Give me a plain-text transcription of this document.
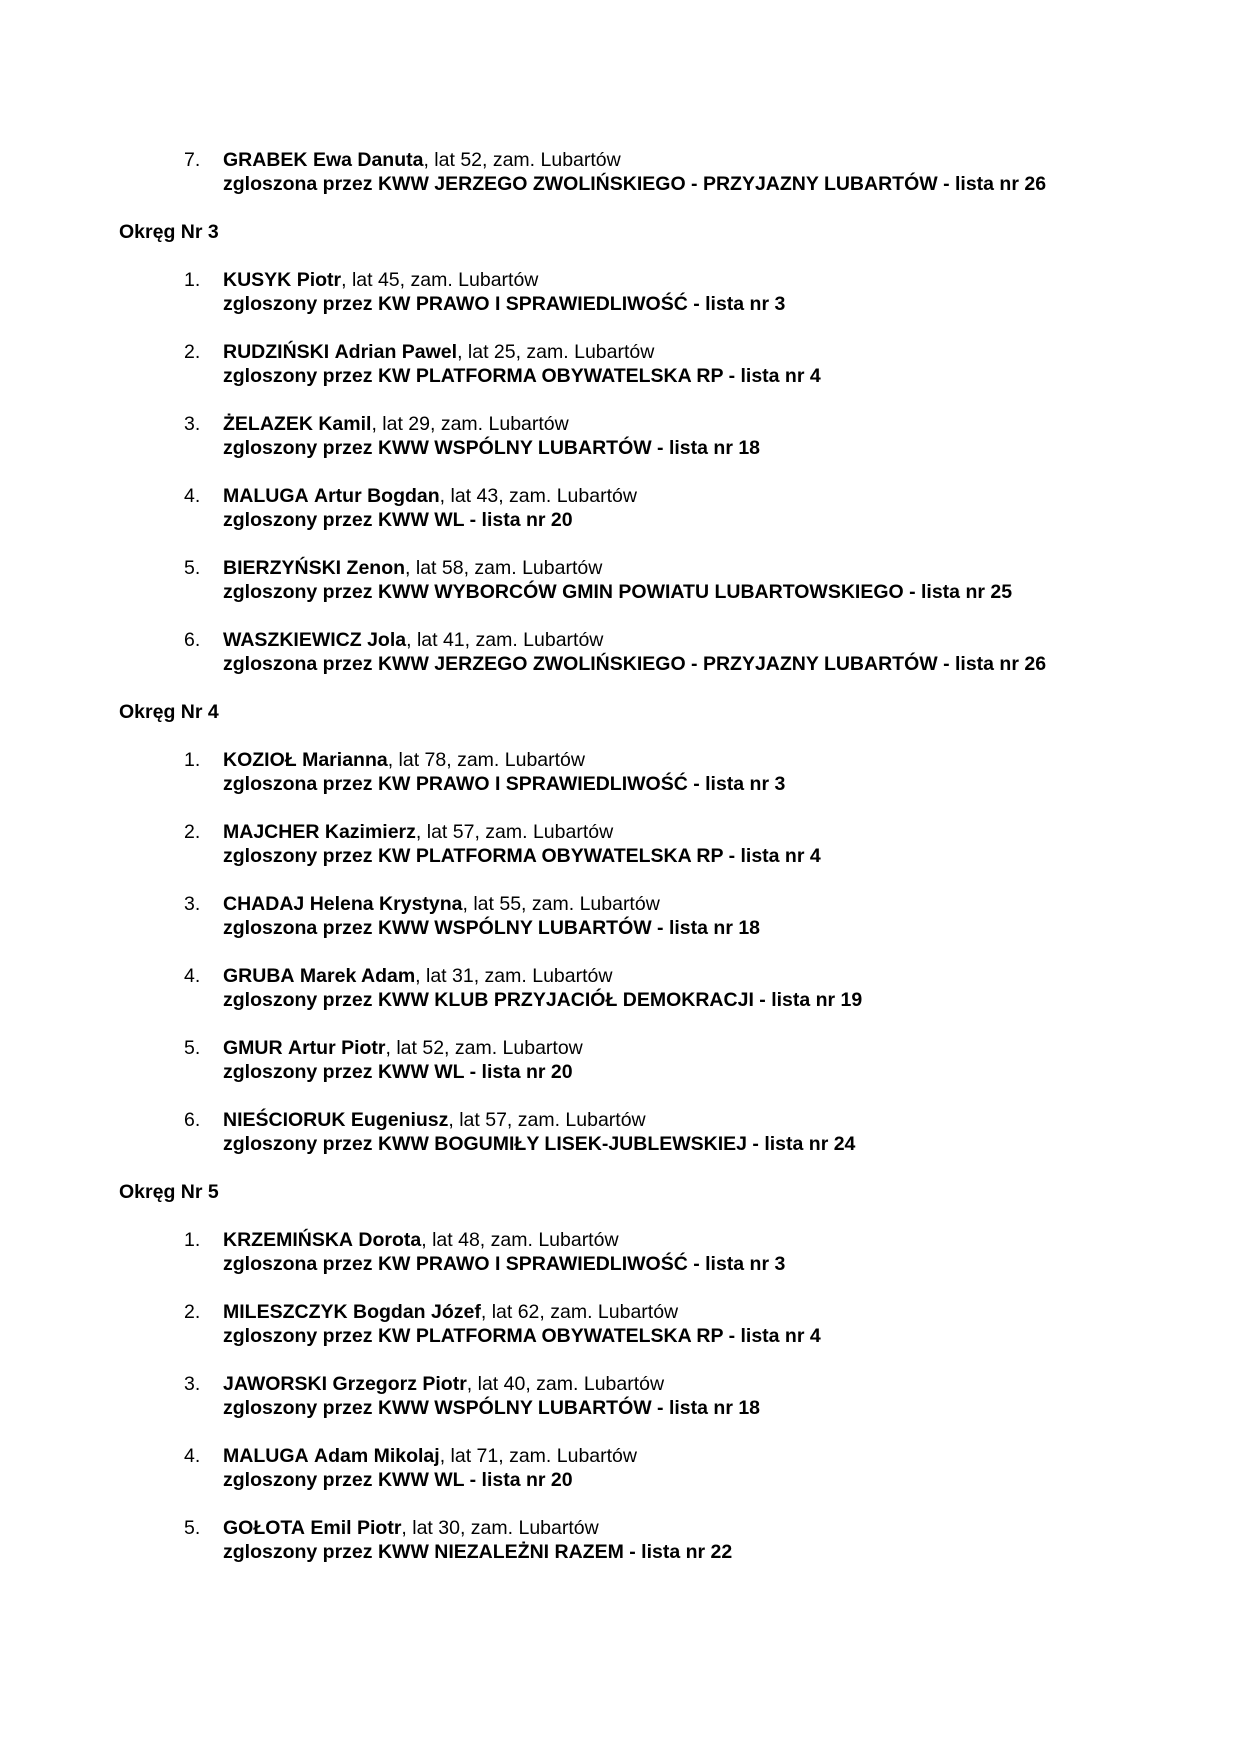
7. GRABEK Ewa Danuta, lat 52, zam. Lubartów

zgloszona przez KWW JERZEGO ZWOLIŃSKIEGO - PRZYJAZNY LUBARTÓW - lista nr 26

Okręg Nr 3

1. KUSYK Piotr, lat 45, zam. Lubartów

zgloszony przez KW PRAWO I SPRAWIEDLIWOŚĆ - lista nr 3

2. RUDZIŃSKI Adrian Pawel, lat 25, zam. Lubartów

zgloszony przez KW PLATFORMA OBYWATELSKA RP - lista nr 4

3. ŻELAZEK Kamil, lat 29, zam. Lubartów

zgloszony przez KWW WSPÓLNY LUBARTÓW - lista nr 18

4. MALUGA Artur Bogdan, lat 43, zam. Lubartów

zgloszony przez KWW WL - lista nr 20

5. BIERZYŃSKI Zenon, lat 58, zam. Lubartów

zgloszony przez KWW WYBORCÓW GMIN POWIATU LUBARTOWSKIEGO - lista nr 25

6. WASZKIEWICZ Jola, lat 41, zam. Lubartów

zgloszona przez KWW JERZEGO ZWOLIŃSKIEGO - PRZYJAZNY LUBARTÓW - lista nr 26

Okręg Nr 4

1. KOZIOŁ Marianna, lat 78, zam. Lubartów

zgloszona przez KW PRAWO I SPRAWIEDLIWOŚĆ - lista nr 3

2. MAJCHER Kazimierz, lat 57, zam. Lubartów

zgloszony przez KW PLATFORMA OBYWATELSKA RP - lista nr 4

3. CHADAJ Helena Krystyna, lat 55, zam. Lubartów

zgloszona przez KWW WSPÓLNY LUBARTÓW - lista nr 18

4. GRUBA Marek Adam, lat 31, zam. Lubartów

zgloszony przez KWW KLUB PRZYJACIÓŁ DEMOKRACJI - lista nr 19

5. GMUR Artur Piotr, lat 52, zam. Lubartow

zgloszony przez KWW WL - lista nr 20

6. NIEŚCIORUK Eugeniusz, lat 57, zam. Lubartów

zgloszony przez KWW BOGUMIŁY LISEK-JUBLEWSKIEJ - lista nr 24

Okręg Nr 5

1. KRZEMIŃSKA Dorota, lat 48, zam. Lubartów

zgloszona przez KW PRAWO I SPRAWIEDLIWOŚĆ - lista nr 3

2. MILESZCZYK Bogdan Józef, lat 62, zam. Lubartów

zgloszony przez KW PLATFORMA OBYWATELSKA RP - lista nr 4

3. JAWORSKI Grzegorz Piotr, lat 40, zam. Lubartów

zgloszony przez KWW WSPÓLNY LUBARTÓW - lista nr 18

4. MALUGA Adam Mikolaj, lat 71, zam. Lubartów

zgloszony przez KWW WL - lista nr 20

5. GOŁOTA Emil Piotr, lat 30, zam. Lubartów

zgloszony przez KWW NIEZALEŻNI RAZEM - lista nr 22
